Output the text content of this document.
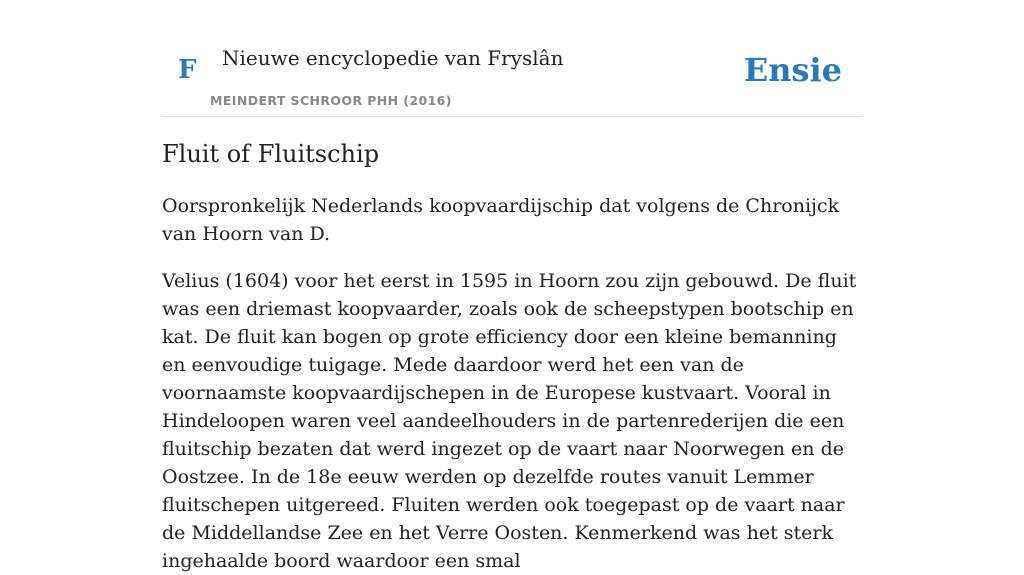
F Nieuwe encyclopedie van Fryslân
MEINDERT SCHROOR PHH (2016)
Ensie
Fluit of Fluitschip

Oorspronkelijk Nederlands koopvaardijschip dat volgens de Chronijck van Hoorn van D.

Velius (1604) voor het eerst in 1595 in Hoorn zou zijn gebouwd. De fluit was een driemast koopvaarder, zoals ook de scheepstypen bootschip en kat. De fluit kan bogen op grote efficiency door een kleine bemanning en eenvoudige tuigage. Mede daardoor werd het een van de voornaamste koopvaardijschepen in de Europese kustvaart. Vooral in Hindeloopen waren veel aandeelhouders in de partenrederijen die een fluitschip bezaten dat werd ingezet op de vaart naar Noorwegen en de Oostzee. In de 18e eeuw werden op dezelfde routes vanuit Lemmer fluitschepen uitgereed. Fluiten werden ook toegepast op de vaart naar de Middellandse Zee en het Verre Oosten. Kenmerkend was het sterk ingehaalde boord waardoor een smal
